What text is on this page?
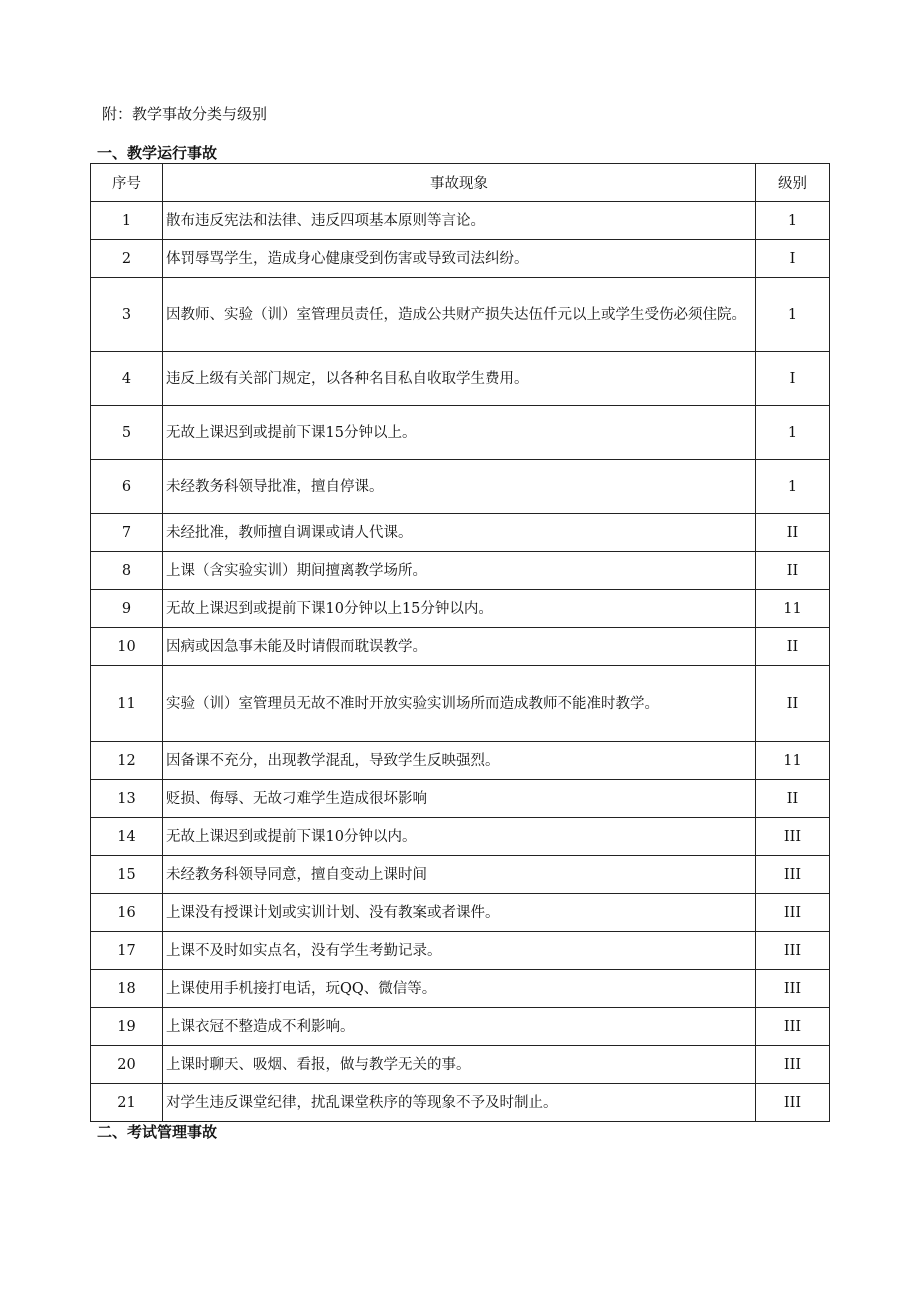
附：教学事故分类与级别
一、教学运行事故
序号	事故现象	级别
1	散布违反宪法和法律、违反四项基本原则等言论。	1
2	体罚辱骂学生，造成身心健康受到伤害或导致司法纠纷。	I
3	因教师、实验（训）室管理员责任，造成公共财产损失达伍仟元以上或学生受伤必须住院。	1
4	违反上级有关部门规定，以各种名目私自收取学生费用。	I
5	无故上课迟到或提前下课15分钟以上。	1
6	未经教务科领导批准，擅自停课。	1
7	未经批准，教师擅自调课或请人代课。	II
8	上课（含实验实训）期间擅离教学场所。	II
9	无故上课迟到或提前下课10分钟以上15分钟以内。	11
10	因病或因急事未能及时请假而耽误教学。	II
11	实验（训）室管理员无故不准时开放实验实训场所而造成教师不能准时教学。	II
12	因备课不充分，出现教学混乱，导致学生反映强烈。	11
13	贬损、侮辱、无故刁难学生造成很坏影响	II
14	无故上课迟到或提前下课10分钟以内。	III
15	未经教务科领导同意，擅自变动上课时间	III
16	上课没有授课计划或实训计划、没有教案或者课件。	III
17	上课不及时如实点名，没有学生考勤记录。	III
18	上课使用手机接打电话，玩QQ、微信等。	III
19	上课衣冠不整造成不利影响。	III
20	上课时聊天、吸烟、看报，做与教学无关的事。	III
21	对学生违反课堂纪律，扰乱课堂秩序的等现象不予及时制止。	III
二、考试管理事故
